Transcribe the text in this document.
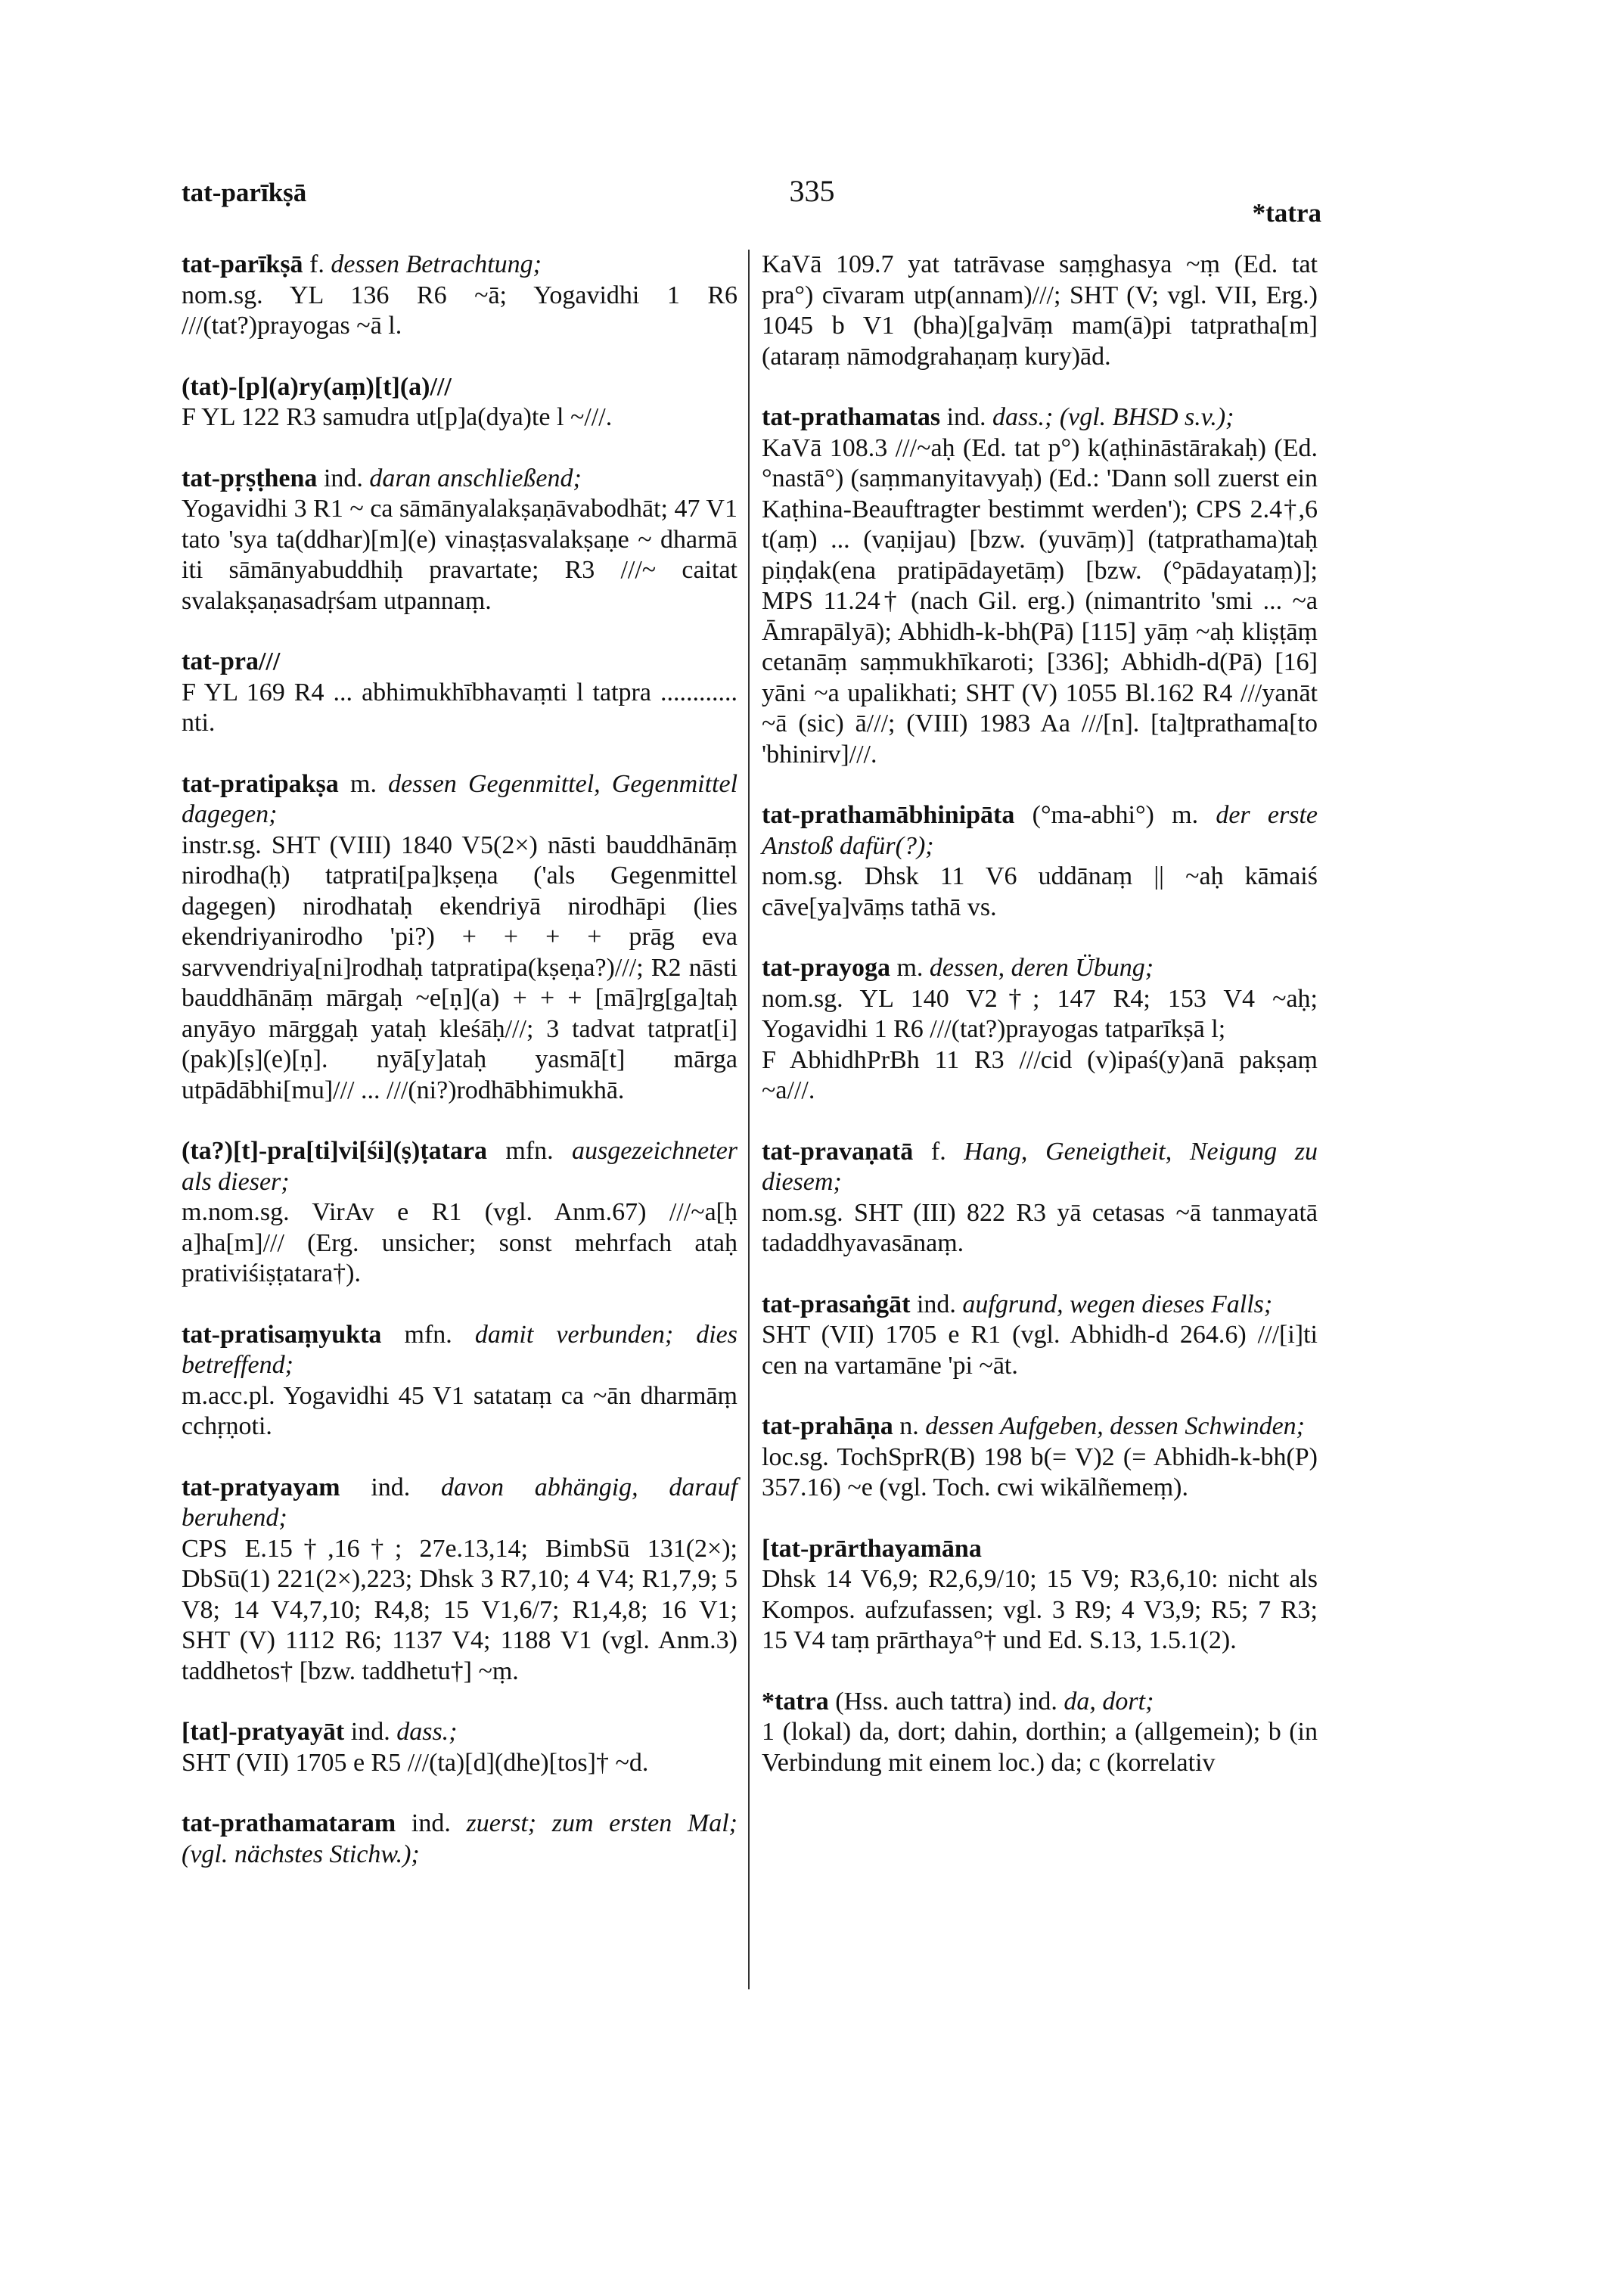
tat-parīkṣā	335
*tatra

tat-parīkṣā f. dessen Betrachtung;

nom.sg. YL 136 R6 ~ā; Yogavidhi 1 R6 ///(tat?)prayogas ~ā l.

(tat)-[p](a)ry(aṃ)[t](a)///

F YL 122 R3 samudra ut[p]a(dya)te l ~///.

tat-pṛṣṭhena ind. daran anschließend;

Yogavidhi 3 R1 ~ ca sāmānyalakṣaṇāvabodhāt; 47 V1 tato 'sya ta(ddhar)[m](e) vinaṣṭasvalakṣaṇe ~ dharmā iti sāmānyabuddhiḥ pravartate; R3 ///~ caitat svalakṣaṇasadṛśam utpannaṃ.

tat-pra///

F YL 169 R4 ... abhimukhībhavaṃti l tatpra ............ nti.

tat-pratipakṣa m. dessen Gegenmittel, Gegenmittel dagegen;

instr.sg. SHT (VIII) 1840 V5(2×) nāsti bauddhānāṃ nirodha(ḥ) tatprati[pa]kṣeṇa ('als Gegenmittel dagegen) nirodhataḥ ekendriyā nirodhāpi (lies ekendriyanirodho 'pi?) + + + + prāg eva sarvvendriya[ni]rodhaḥ tatpratipa(kṣeṇa?)///; R2 nāsti bauddhānāṃ mārgaḥ ~e[ṇ](a) + + + [mā]rg[ga]taḥ anyāyo mārggaḥ yataḥ kleśāḥ///; 3 tadvat tatprat[i](pak)[ṣ](e)[ṇ]. nyā[y]ataḥ yasmā[t] mārga utpādābhi[mu]/// ... ///(ni?)rodhābhimukhā.

(ta?)[t]-pra[ti]vi[śi](ṣ)ṭatara mfn. ausgezeichneter als dieser;

m.nom.sg. VirAv e R1 (vgl. Anm.67) ///~a[ḥ a]ha[m]/// (Erg. unsicher; sonst mehrfach ataḥ prativiśiṣṭatara†).

tat-pratisaṃyukta mfn. damit verbunden; dies betreffend;

m.acc.pl. Yogavidhi 45 V1 satataṃ ca ~ān dharmāṃ cchṛṇoti.

tat-pratyayam ind. davon abhängig, darauf beruhend;

CPS E.15†,16†; 27e.13,14; BimbSū 131(2×); DbSū(1) 221(2×),223; Dhsk 3 R7,10; 4 V4; R1,7,9; 5 V8; 14 V4,7,10; R4,8; 15 V1,6/7; R1,4,8; 16 V1; SHT (V) 1112 R6; 1137 V4; 1188 V1 (vgl. Anm.3) taddhetos† [bzw. taddhetu†] ~ṃ.

[tat]-pratyayāt ind. dass.;

SHT (VII) 1705 e R5 ///(ta)[d](dhe)[tos]† ~d.

tat-prathamataram ind. zuerst; zum ersten Mal; (vgl. nächstes Stichw.);

KaVā 109.7 yat tatrāvase saṃghasya ~ṃ (Ed. tat pra°) cīvaram utp(annam)///; SHT (V; vgl. VII, Erg.) 1045 b V1 (bha)[ga]vāṃ mam(ā)pi tatpratha[m](ataraṃ nāmodgrahaṇaṃ kury)ād.

tat-prathamatas ind. dass.; (vgl. BHSD s.v.);

KaVā 108.3 ///~aḥ (Ed. tat p°) k(aṭhināstārakaḥ) (Ed. °nastā°) (saṃmanyitavyaḥ) (Ed.: 'Dann soll zuerst ein Kaṭhina-Beauftragter bestimmt werden'); CPS 2.4†,6 t(aṃ) ... (vaṇijau) [bzw. (yuvāṃ)] (tatprathama)taḥ piṇḍak(ena pratipādayetāṃ) [bzw. (°pādayataṃ)]; MPS 11.24† (nach Gil. erg.) (nimantrito 'smi ... ~a Āmrapālyā); Abhidh-k-bh(Pā) [115] yāṃ ~aḥ kliṣṭāṃ cetanāṃ saṃmukhīkaroti; [336]; Abhidh-d(Pā) [16] yāni ~a upalikhati; SHT (V) 1055 Bl.162 R4 ///yanāt ~ā (sic) ā///; (VIII) 1983 Aa ///[n]. [ta]tprathama[to 'bhinirv]///.

tat-prathamābhinipāta (°ma-abhi°) m. der erste Anstoß dafür(?);

nom.sg. Dhsk 11 V6 uddānaṃ || ~aḥ kāmaiś cāve[ya]vāṃs tathā vs.

tat-prayoga m. dessen, deren Übung;

nom.sg. YL 140 V2†; 147 R4; 153 V4 ~aḥ; Yogavidhi 1 R6 ///(tat?)prayogas tatparīkṣā l;

F AbhidhPrBh 11 R3 ///cid (v)ipaś(y)anā pakṣaṃ ~a///.

tat-pravaṇatā f. Hang, Geneigtheit, Neigung zu diesem;

nom.sg. SHT (III) 822 R3 yā cetasas ~ā tanmayatā tadaddhyavasānaṃ.

tat-prasaṅgāt ind. aufgrund, wegen dieses Falls;

SHT (VII) 1705 e R1 (vgl. Abhidh-d 264.6) ///[i]ti cen na vartamāne 'pi ~āt.

tat-prahāṇa n. dessen Aufgeben, dessen Schwinden;

loc.sg. TochSprR(B) 198 b(= V)2 (= Abhidh-k-bh(P) 357.16) ~e (vgl. Toch. cwi wikālñemeṃ).

[tat-prārthayamāna

Dhsk 14 V6,9; R2,6,9/10; 15 V9; R3,6,10: nicht als Kompos. aufzufassen; vgl. 3 R9; 4 V3,9; R5; 7 R3; 15 V4 taṃ prārthaya°† und Ed. S.13, 1.5.1(2).

*tatra (Hss. auch tattra) ind. da, dort;

1 (lokal) da, dort; dahin, dorthin; a (allgemein); b (in Verbindung mit einem loc.) da; c (korrelativ
